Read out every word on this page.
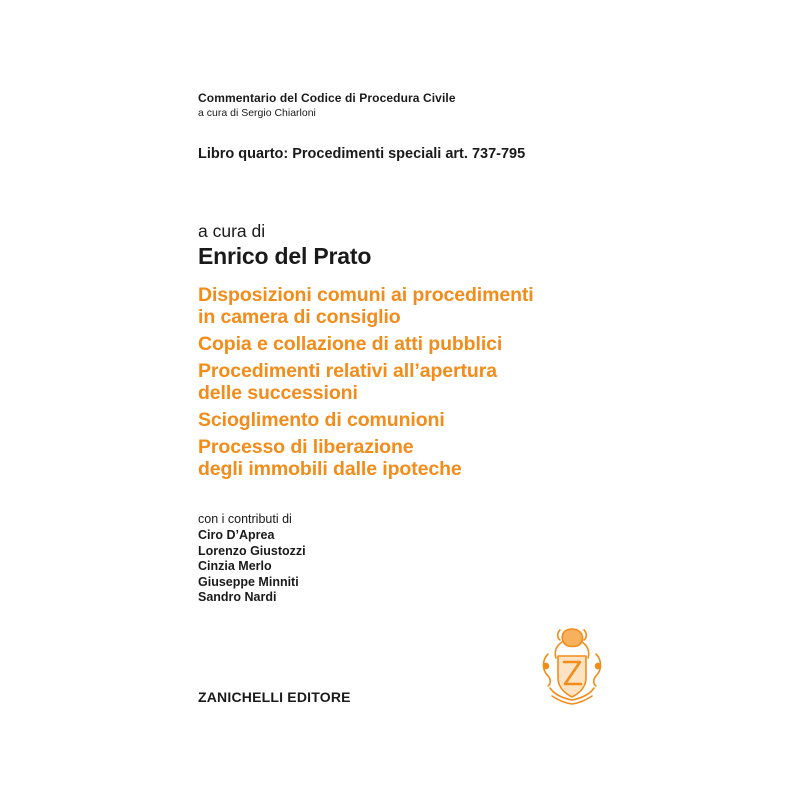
Commentario del Codice di Procedura Civile
a cura di Sergio Chiarloni
Libro quarto: Procedimenti speciali art. 737-795
a cura di
Enrico del Prato
Disposizioni comuni ai procedimenti
in camera di consiglio
Copia e collazione di atti pubblici
Procedimenti relativi all’apertura
delle successioni
Scioglimento di comunioni
Processo di liberazione
degli immobili dalle ipoteche
con i contributi di
Ciro D’Aprea
Lorenzo Giustozzi
Cinzia Merlo
Giuseppe Minniti
Sandro Nardi
ZANICHELLI EDITORE
